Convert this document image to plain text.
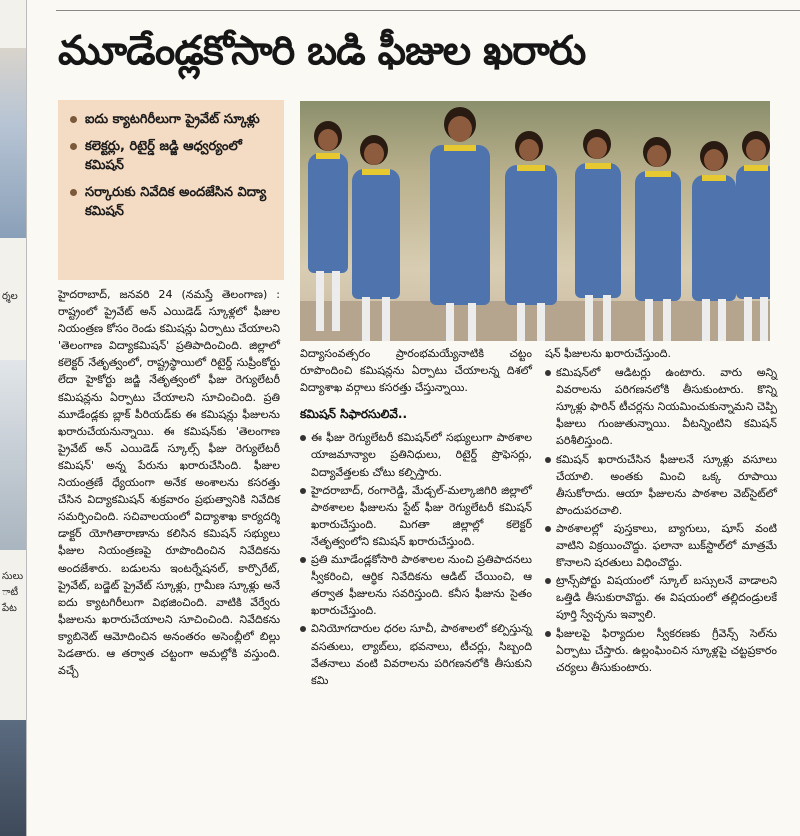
ర్శల
సులు
ాటీ
పేట
మూడేండ్లకోసారి బడి ఫీజుల ఖరారు
ఐదు క్యాటగిరీలుగా ప్రైవేట్ స్కూళ్లు
కలెక్టర్లు, రిటైర్డ్ జడ్జి ఆధ్వర్యంలో కమిషన్
సర్కారుకు నివేదిక అందజేసిన విద్యా కమిషన్

హైదరాబాద్, జనవరి 24 (నమస్తే తెలంగాణ) : రాష్ట్రంలో ప్రైవేట్ అన్ ఎయిడెడ్ స్కూళ్లలో ఫీజుల నియంత్రణ కోసం రెండు కమిషన్లు ఏర్పాటు చేయాలని 'తెలంగాణ విద్యాకమిషన్' ప్రతిపాదించింది. జిల్లాలో కలెక్టర్ నేతృత్వంలో, రాష్ట్రస్థాయిలో రిటైర్డ్ సుప్రీంకోర్టు లేదా హైకోర్టు జడ్జి నేతృత్వంలో ఫీజు రెగ్యులేటరీ కమిషన్లను ఏర్పాటు చేయాలని సూచించింది. ప్రతి మూడేండ్లకు బ్లాక్ పీరియడ్‌కు ఈ కమిషన్లు ఫీజులను ఖరారుచేయనున్నాయి. ఈ కమిషన్‌కు 'తెలంగాణ ప్రైవేట్ అన్ ఎయిడెడ్ స్కూల్స్ ఫీజు రెగ్యులేటరీ కమిషన్' అన్న పేరును ఖరారుచేసింది. ఫీజుల నియంత్రణే ధ్యేయంగా అనేక అంశాలను కసరత్తు చేసిన విద్యాకమిషన్ శుక్రవారం ప్రభుత్వానికి నివేదిక సమర్పించింది. సచివాలయంలో విద్యాశాఖ కార్యదర్శి డాక్టర్ యోగితారాణాను కలిసిన కమిషన్ సభ్యులు ఫీజుల నియంత్రణపై రూపొందించిన నివేదికను అందజేశారు. బడులను ఇంటర్నేషనల్, కార్పొరేట్, ప్రైవేట్, బడ్జెట్ ప్రైవేట్ స్కూళ్లు, గ్రామీణ స్కూళ్లు అనే ఐదు క్యాటగిరీలుగా విభజించింది. వాటికి వేర్వేరు ఫీజులను ఖరారుచేయాలని సూచించింది. నివేదికను క్యాబినెట్ ఆమోదించిన అనంతరం అసెంబ్లీలో బిల్లు పెడతారు. ఆ తర్వాత చట్టంగా అమల్లోకి వస్తుంది. వచ్చే

విద్యాసంవత్సరం ప్రారంభమయ్యేనాటికి చట్టం రూపొందించి కమిషన్లను ఏర్పాటు చేయాలన్న దిశలో విద్యాశాఖ వర్గాలు కసరత్తు చేస్తున్నాయి.

కమిషన్ సిఫారసులివే..
ఈ ఫీజు రెగ్యులేటరీ కమిషన్‌లో సభ్యులుగా పాఠశాల యాజమాన్యాల ప్రతినిధులు, రిటైర్డ్ ప్రొఫెసర్లు, విద్యావేత్తలకు చోటు కల్పిస్తారు.
హైదరాబాద్, రంగారెడ్డి, మేడ్చల్-మల్కాజిగిరి జిల్లాలో పాఠశాలల ఫీజులను స్టేట్ ఫీజు రెగ్యులేటరీ కమిషన్ ఖరారుచేస్తుంది. మిగతా జిల్లాల్లో కలెక్టర్ నేతృత్వంలోని కమిషన్ ఖరారుచేస్తుంది.
ప్రతి మూడేండ్లకోసారి పాఠశాలల నుంచి ప్రతిపాదనలు స్వీకరించి, ఆర్థిక నివేదికను ఆడిట్ చేయించి, ఆ తర్వాత ఫీజులను సవరిస్తుంది. కనీస ఫీజును సైతం ఖరారుచేస్తుంది.
వినియోగదారుల ధరల సూచీ, పాఠశాలలో కల్పిస్తున్న వసతులు, ల్యాబ్‌లు, భవనాలు, టీచర్లు, సిబ్బంది వేతనాలు వంటి వివరాలను పరిగణనలోకి తీసుకుని కమి

షన్ ఫీజులను ఖరారుచేస్తుంది.

కమిషన్‌లో ఆడిటర్లు ఉంటారు. వారు అన్ని వివరాలను పరిగణనలోకి తీసుకుంటారు. కొన్ని స్కూళ్లు ఫారిన్ టీచర్లను నియమించుకున్నామని చెప్పి ఫీజులు గుంజుతున్నాయి. వీటన్నింటిని కమిషన్ పరిశీలిస్తుంది.
కమిషన్ ఖరారుచేసిన ఫీజులనే స్కూళ్లు వసూలు చేయాలి. అంతకు మించి ఒక్క రూపాయి తీసుకోరాదు. ఆయా ఫీజులను పాఠశాల వెబ్‌సైట్‌లో పొందుపరచాలి.
పాఠశాలల్లో పుస్తకాలు, బ్యాగులు, షూస్ వంటి వాటిని విక్రయించొద్దు. ఫలానా బుక్‌స్టాల్‌లో మాత్రమే కొనాలని షరతులు విధించొద్దు.
ట్రాన్స్‌పోర్టు విషయంలో స్కూల్ బస్సులనే వాడాలని ఒత్తిడి తీసుకురావొద్దు. ఈ విషయంలో తల్లిదండ్రులకే పూర్తి స్వేచ్ఛను ఇవ్వాలి.
ఫీజులపై ఫిర్యాదుల స్వీకరణకు గ్రీవెన్స్ సెల్‌ను ఏర్పాటు చేస్తారు. ఉల్లంఘించిన స్కూళ్లపై చట్టప్రకారం చర్యలు తీసుకుంటారు.
